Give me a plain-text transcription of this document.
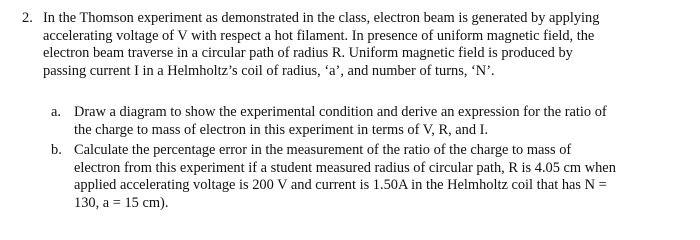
2. In the Thomson experiment as demonstrated in the class, electron beam is generated by applying
accelerating voltage of V with respect a hot filament. In presence of uniform magnetic field, the
electron beam traverse in a circular path of radius R. Uniform magnetic field is produced by
passing current I in a Helmholtz’s coil of radius, ‘a’, and number of turns, ‘N’.
a. Draw a diagram to show the experimental condition and derive an expression for the ratio of
the charge to mass of electron in this experiment in terms of V, R, and I.
b. Calculate the percentage error in the measurement of the ratio of the charge to mass of
electron from this experiment if a student measured radius of circular path, R is 4.05 cm when
applied accelerating voltage is 200 V and current is 1.50A in the Helmholtz coil that has N =
130, a = 15 cm).
